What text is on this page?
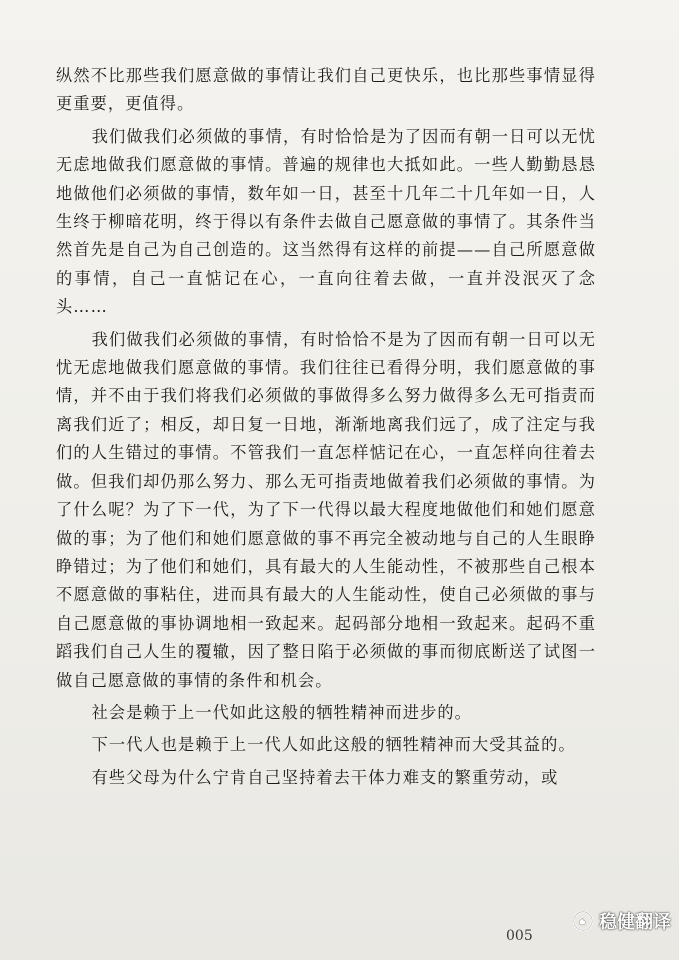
纵然不比那些我们愿意做的事情让我们自己更快乐，也比那些事情显得更重要，更值得。

我们做我们必须做的事情，有时恰恰是为了因而有朝一日可以无忧无虑地做我们愿意做的事情。普遍的规律也大抵如此。一些人勤勤恳恳地做他们必须做的事情，数年如一日，甚至十几年二十几年如一日，人生终于柳暗花明，终于得以有条件去做自己愿意做的事情了。其条件当然首先是自己为自己创造的。这当然得有这样的前提——自己所愿意做的事情，自己一直惦记在心，一直向往着去做，一直并没泯灭了念头……

我们做我们必须做的事情，有时恰恰不是为了因而有朝一日可以无忧无虑地做我们愿意做的事情。我们往往已看得分明，我们愿意做的事情，并不由于我们将我们必须做的事做得多么努力做得多么无可指责而离我们近了；相反，却日复一日地，渐渐地离我们远了，成了注定与我们的人生错过的事情。不管我们一直怎样惦记在心，一直怎样向往着去做。但我们却仍那么努力、那么无可指责地做着我们必须做的事情。为了什么呢？为了下一代，为了下一代得以最大程度地做他们和她们愿意做的事；为了他们和她们愿意做的事不再完全被动地与自己的人生眼睁睁错过；为了他们和她们，具有最大的人生能动性，不被那些自己根本不愿意做的事粘住，进而具有最大的人生能动性，使自己必须做的事与自己愿意做的事协调地相一致起来。起码部分地相一致起来。起码不重蹈我们自己人生的覆辙，因了整日陷于必须做的事而彻底断送了试图一做自己愿意做的事情的条件和机会。

社会是赖于上一代如此这般的牺牲精神而进步的。

下一代人也是赖于上一代人如此这般的牺牲精神而大受其益的。

有些父母为什么宁肯自己坚持着去干体力难支的繁重劳动，或

005
稳健翻译
